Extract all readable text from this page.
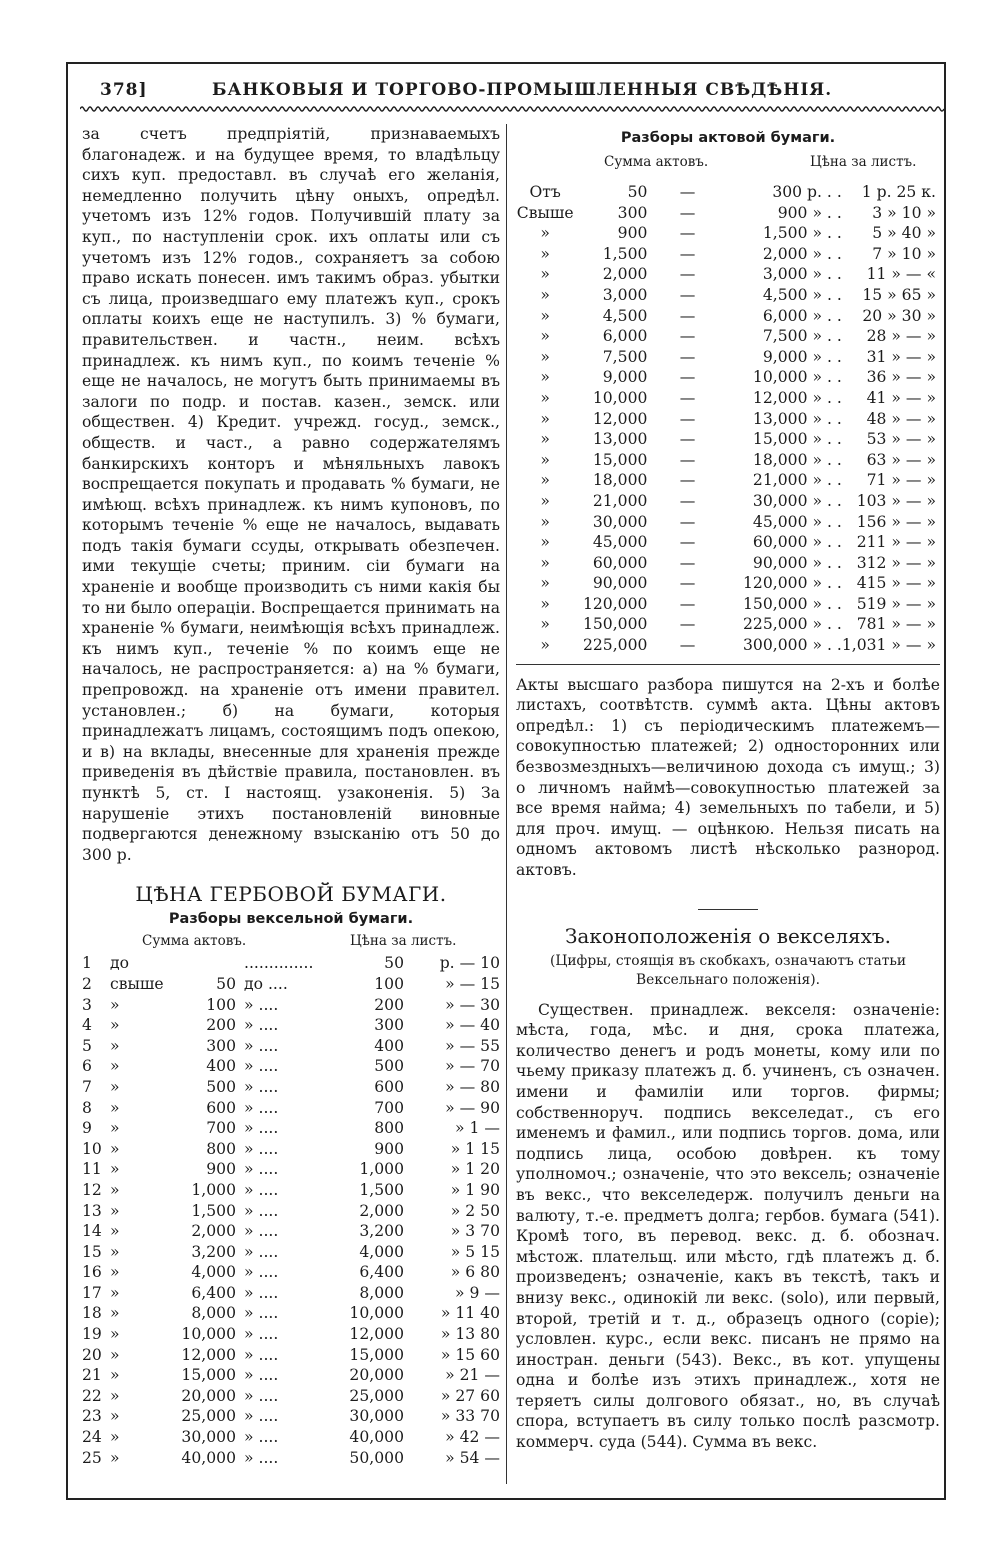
378]	БАНКОВЫЯ И ТОРГОВО-ПРОМЫШЛЕННЫЯ СВѢДѢНІЯ.

за счетъ предпріятій, признаваемыхъ благонадеж. и на будущее время, то владѣльцу сихъ куп. предоставл. въ случаѣ его желанія, немедленно получить цѣну оныхъ, опредѣл. учетомъ изъ 12% годов. Получившій плату за куп., по наступленіи срок. ихъ оплаты или съ учетомъ изъ 12% годов., сохраняетъ за собою право искать понесен. имъ такимъ образ. убытки съ лица, произведшаго ему платежъ куп., срокъ оплаты коихъ еще не наступилъ. 3) % бумаги, правительствен. и частн., неим. всѣхъ принадлеж. къ нимъ куп., по коимъ теченіе % еще не началось, не могутъ быть принимаемы въ залоги по подр. и постав. казен., земск. или обществен. 4) Кредит. учрежд. госуд., земск., обществ. и част., а равно содержателямъ банкирскихъ конторъ и мѣняльныхъ лавокъ воспрещается покупать и продавать % бумаги, не имѣющ. всѣхъ принадлеж. къ нимъ купоновъ, по которымъ теченіе % еще не началось, выдавать подъ такія бумаги ссуды, открывать обезпечен. ими текущіе счеты; приним. сіи бумаги на храненіе и вообще производить съ ними какія бы то ни было операціи. Воспрещается принимать на храненіе % бумаги, неимѣющія всѣхъ принадлеж. къ нимъ куп., теченіе % по коимъ еще не началось, не распространяется: а) на % бумаги, препровожд. на храненіе отъ имени правител. установлен.; б) на бумаги, которыя принадлежатъ лицамъ, состоящимъ подъ опекою, и в) на вклады, внесенные для храненія прежде приведенія въ дѣйствіе правила, постановлен. въ пунктѣ 5, ст. I настоящ. узаконенія. 5) За нарушеніе этихъ постановленій виновные подвергаются денежному взысканію отъ 50 до 300 р.

ЦѢНА ГЕРБОВОЙ БУМАГИ.
Разборы вексельной бумаги.
Сумма актовъ.	Цѣна за листъ.
1	до		..............	50	р. — 10
2	свыше	50	до ....	100	» — 15
3	»	100	» ....	200	» — 30
4	»	200	» ....	300	» — 40
5	»	300	» ....	400	» — 55
6	»	400	» ....	500	» — 70
7	»	500	» ....	600	» — 80
8	»	600	» ....	700	» — 90
9	»	700	» ....	800	» 1 —
10	»	800	» ....	900	» 1 15
11	»	900	» ....	1,000	» 1 20
12	»	1,000	» ....	1,500	» 1 90
13	»	1,500	» ....	2,000	» 2 50
14	»	2,000	» ....	3,200	» 3 70
15	»	3,200	» ....	4,000	» 5 15
16	»	4,000	» ....	6,400	» 6 80
17	»	6,400	» ....	8,000	» 9 —
18	»	8,000	» ....	10,000	» 11 40
19	»	10,000	» ....	12,000	» 13 80
20	»	12,000	» ....	15,000	» 15 60
21	»	15,000	» ....	20,000	» 21 —
22	»	20,000	» ....	25,000	» 27 60
23	»	25,000	» ....	30,000	» 33 70
24	»	30,000	» ....	40,000	» 42 —
25	»	40,000	» ....	50,000	» 54 —
Разборы актовой бумаги.
Сумма актовъ.	Цѣна за листъ.
Отъ	50	—	300 р. . .	1 р. 25 к.
Свыше	300	—	900 » . .	3 » 10 »
»	900	—	1,500 » . .	5 » 40 »
»	1,500	—	2,000 » . .	7 » 10 »
»	2,000	—	3,000 » . .	11 » — «
»	3,000	—	4,500 » . .	15 » 65 »
»	4,500	—	6,000 » . .	20 » 30 »
»	6,000	—	7,500 » . .	28 » — »
»	7,500	—	9,000 » . .	31 » — »
»	9,000	—	10,000 » . .	36 » — »
»	10,000	—	12,000 » . .	41 » — »
»	12,000	—	13,000 » . .	48 » — »
»	13,000	—	15,000 » . .	53 » — »
»	15,000	—	18,000 » . .	63 » — »
»	18,000	—	21,000 » . .	71 » — »
»	21,000	—	30,000 » . .	103 » — »
»	30,000	—	45,000 » . .	156 » — »
»	45,000	—	60,000 » . .	211 » — »
»	60,000	—	90,000 » . .	312 » — »
»	90,000	—	120,000 » . .	415 » — »
»	120,000	—	150,000 » . .	519 » — »
»	150,000	—	225,000 » . .	781 » — »
»	225,000	—	300,000 » . .	1,031 » — »

Акты высшаго разбора пишутся на 2-хъ и болѣе листахъ, соотвѣтств. суммѣ акта. Цѣны актовъ опредѣл.: 1) съ періодическимъ платежемъ—совокупностью платежей; 2) односторонних или безвозмездныхъ—величиною дохода съ имущ.; 3) о личномъ наймѣ—совокупностью платежей за все время найма; 4) земельныхъ по табели, и 5) для проч. имущ. — оцѣнкою. Нельзя писать на одномъ актовомъ листѣ нѣсколько разнород. актовъ.

Законоположенія о векселяхъ.
(Цифры, стоящія въ скобкахъ, означаютъ статьи Вексельнаго положенія).

Существен. принадлеж. векселя: означеніе: мѣста, года, мѣс. и дня, срока платежа, количество денегъ и родъ монеты, кому или по чьему приказу платежъ д. б. учиненъ, съ означен. имени и фамиліи или торгов. фирмы; собственноруч. подпись векселедат., съ его именемъ и фамил., или подпись торгов. дома, или подпись лица, особою довѣрен. къ тому уполномоч.; означеніе, что это вексель; означеніе въ векс., что векселедерж. получилъ деньги на валюту, т.-е. предметъ долга; гербов. бумага (541). Кромѣ того, въ перевод. векс. д. б. обознач. мѣстож. плательщ. или мѣсто, гдѣ платежъ д. б. произведенъ; означеніе, какъ въ текстѣ, такъ и внизу векс., одинокій ли векс. (solo), или первый, второй, третій и т. д., образецъ одного (copie); условлен. курс., если векс. писанъ не прямо на иностран. деньги (543). Векс., въ кот. упущены одна и болѣе изъ этихъ принадлеж., хотя не теряетъ силы долгового обязат., но, въ случаѣ спора, вступаетъ въ силу только послѣ разсмотр. коммерч. суда (544). Сумма въ векс.
